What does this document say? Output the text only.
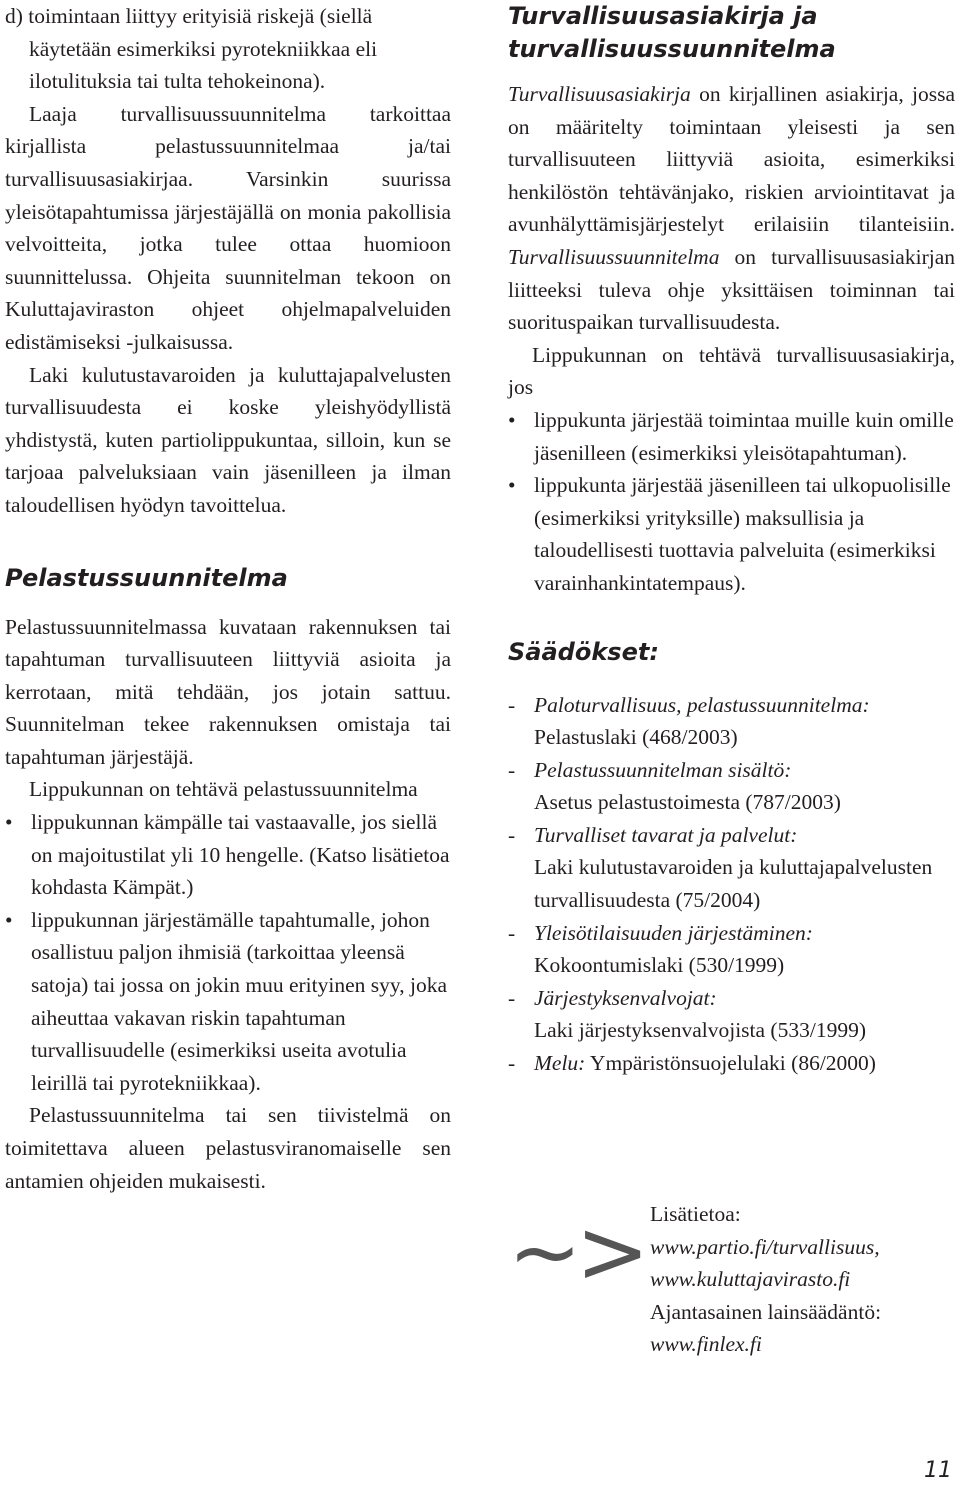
d) toimintaan liittyy erityisiä riskejä (siellä
käytetään esimerkiksi pyrotekniikkaa eli
ilotulituksia tai tulta tehokeinona).

Laaja turvallisuussuunnitelma tarkoittaa kirjallista pelastussuunnitelmaa ja/tai turvallisuusasiakirjaa. Varsinkin suurissa yleisötapahtumissa järjestäjällä on monia pakollisia velvoitteita, jotka tulee ottaa huomioon suunnittelussa. Ohjeita suunnitelman tekoon on Kuluttajaviraston ohjeet ohjelmapalveluiden edistämiseksi -julkaisussa.

Laki kulutustavaroiden ja kuluttajapalvelusten turvallisuudesta ei koske yleishyödyllistä yhdistystä, kuten partiolippukuntaa, silloin, kun se tarjoaa palveluksiaan vain jäsenilleen ja ilman taloudellisen hyödyn tavoittelua.

Pelastussuunnitelma

Pelastussuunnitelmassa kuvataan rakennuksen tai tapahtuman turvallisuuteen liittyviä asioita ja kerrotaan, mitä tehdään, jos jotain sattuu. Suunnitelman tekee rakennuksen omistaja tai tapahtuman järjestäjä.

Lippukunnan on tehtävä pelastussuunnitelma

• lippukunnan kämpälle tai vastaavalle, jos siellä on majoitustilat yli 10 hengelle. (Katso lisätietoa kohdasta Kämpät.)
• lippukunnan järjestämälle tapahtumalle, johon osallistuu paljon ihmisiä (tarkoittaa yleensä satoja) tai jossa on jokin muu erityinen syy, joka aiheuttaa vakavan riskin tapahtuman turvallisuudelle (esimerkiksi useita avotulia leirillä tai pyrotekniikkaa).

Pelastussuunnitelma tai sen tiivistelmä on toimitettava alueen pelastusviranomaiselle sen antamien ohjeiden mukaisesti.

Turvallisuusasiakirja ja
turvallisuussuunnitelma

Turvallisuusasiakirja on kirjallinen asiakirja, jossa on määritelty toimintaan yleisesti ja sen turvallisuuteen liittyviä asioita, esimerkiksi henkilöstön tehtävänjako, riskien arviointitavat ja avunhälyttämisjärjestelyt erilaisiin tilanteisiin. Turvallisuussuunnitelma on turvallisuusasiakirjan liitteeksi tuleva ohje yksittäisen toiminnan tai suorituspaikan turvallisuudesta.

Lippukunnan on tehtävä turvallisuusasiakirja, jos

• lippukunta järjestää toimintaa muille kuin omille jäsenilleen (esimerkiksi yleisötapahtuman).
• lippukunta järjestää jäsenilleen tai ulkopuolisille (esimerkiksi yrityksille) maksullisia ja taloudellisesti tuottavia palveluita (esimerkiksi varainhankintatempaus).
Säädökset:
- Paloturvallisuus, pelastussuunnitelma:
Pelastuslaki (468/2003)
- Pelastussuunnitelman sisältö:
Asetus pelastustoimesta (787/2003)
- Turvalliset tavarat ja palvelut:
Laki kulutustavaroiden ja kuluttajapalvelusten turvallisuudesta (75/2004)
- Yleisötilaisuuden järjestäminen:
Kokoontumislaki (530/1999)
- Järjestyksenvalvojat:
Laki järjestyksenvalvojista (533/1999)
- Melu: Ympäristönsuojelulaki (86/2000)
~> Lisätietoa:
www.partio.fi/turvallisuus,
www.kuluttajavirasto.fi
Ajantasainen lainsäädäntö:
www.finlex.fi
11
